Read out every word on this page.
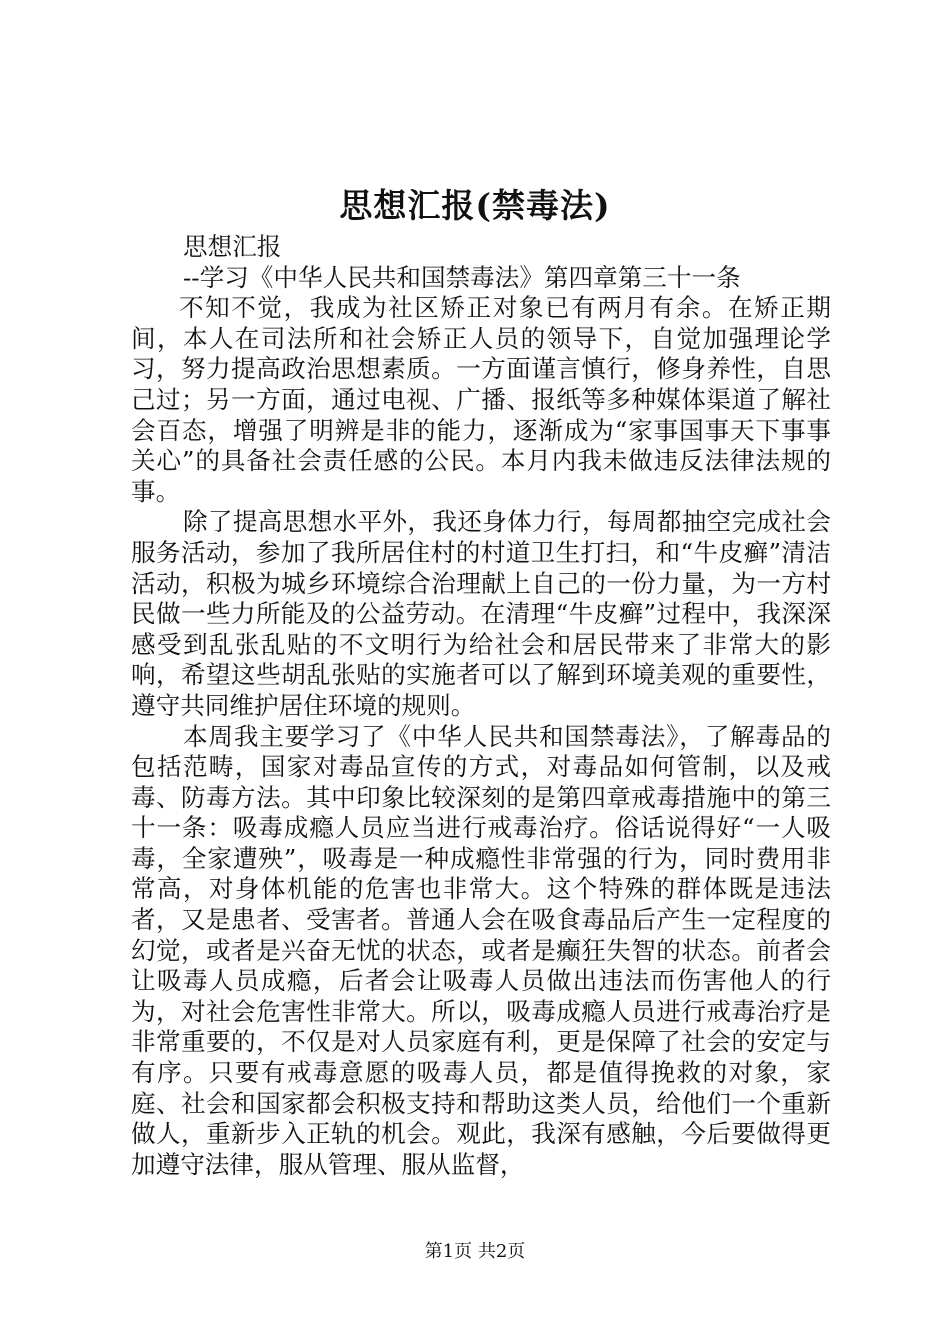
思想汇报(禁毒法)

思想汇报

--学习《中华人民共和国禁毒法》第四章第三十一条

不知不觉，我成为社区矫正对象已有两月有余。在矫正期间，本人在司法所和社会矫正人员的领导下，自觉加强理论学习，努力提高政治思想素质。一方面谨言慎行，修身养性，自思己过；另一方面，通过电视、广播、报纸等多种媒体渠道了解社会百态，增强了明辨是非的能力，逐渐成为“家事国事天下事事关心”的具备社会责任感的公民。本月内我未做违反法律法规的事。

除了提高思想水平外，我还身体力行，每周都抽空完成社会服务活动，参加了我所居住村的村道卫生打扫，和“牛皮癣”清洁活动，积极为城乡环境综合治理献上自己的一份力量，为一方村民做一些力所能及的公益劳动。在清理“牛皮癣”过程中，我深深感受到乱张乱贴的不文明行为给社会和居民带来了非常大的影响，希望这些胡乱张贴的实施者可以了解到环境美观的重要性，遵守共同维护居住环境的规则。

本周我主要学习了《中华人民共和国禁毒法》，了解毒品的包括范畴，国家对毒品宣传的方式，对毒品如何管制，以及戒毒、防毒方法。其中印象比较深刻的是第四章戒毒措施中的第三十一条：吸毒成瘾人员应当进行戒毒治疗。俗话说得好“一人吸毒，全家遭殃”，吸毒是一种成瘾性非常强的行为，同时费用非常高，对身体机能的危害也非常大。这个特殊的群体既是违法者，又是患者、受害者。普通人会在吸食毒品后产生一定程度的幻觉，或者是兴奋无忧的状态，或者是癫狂失智的状态。前者会让吸毒人员成瘾，后者会让吸毒人员做出违法而伤害他人的行为，对社会危害性非常大。所以，吸毒成瘾人员进行戒毒治疗是非常重要的，不仅是对人员家庭有利，更是保障了社会的安定与有序。只要有戒毒意愿的吸毒人员，都是值得挽救的对象，家庭、社会和国家都会积极支持和帮助这类人员，给他们一个重新做人，重新步入正轨的机会。观此，我深有感触，今后要做得更加遵守法律，服从管理、服从监督，

第1页 共2页
